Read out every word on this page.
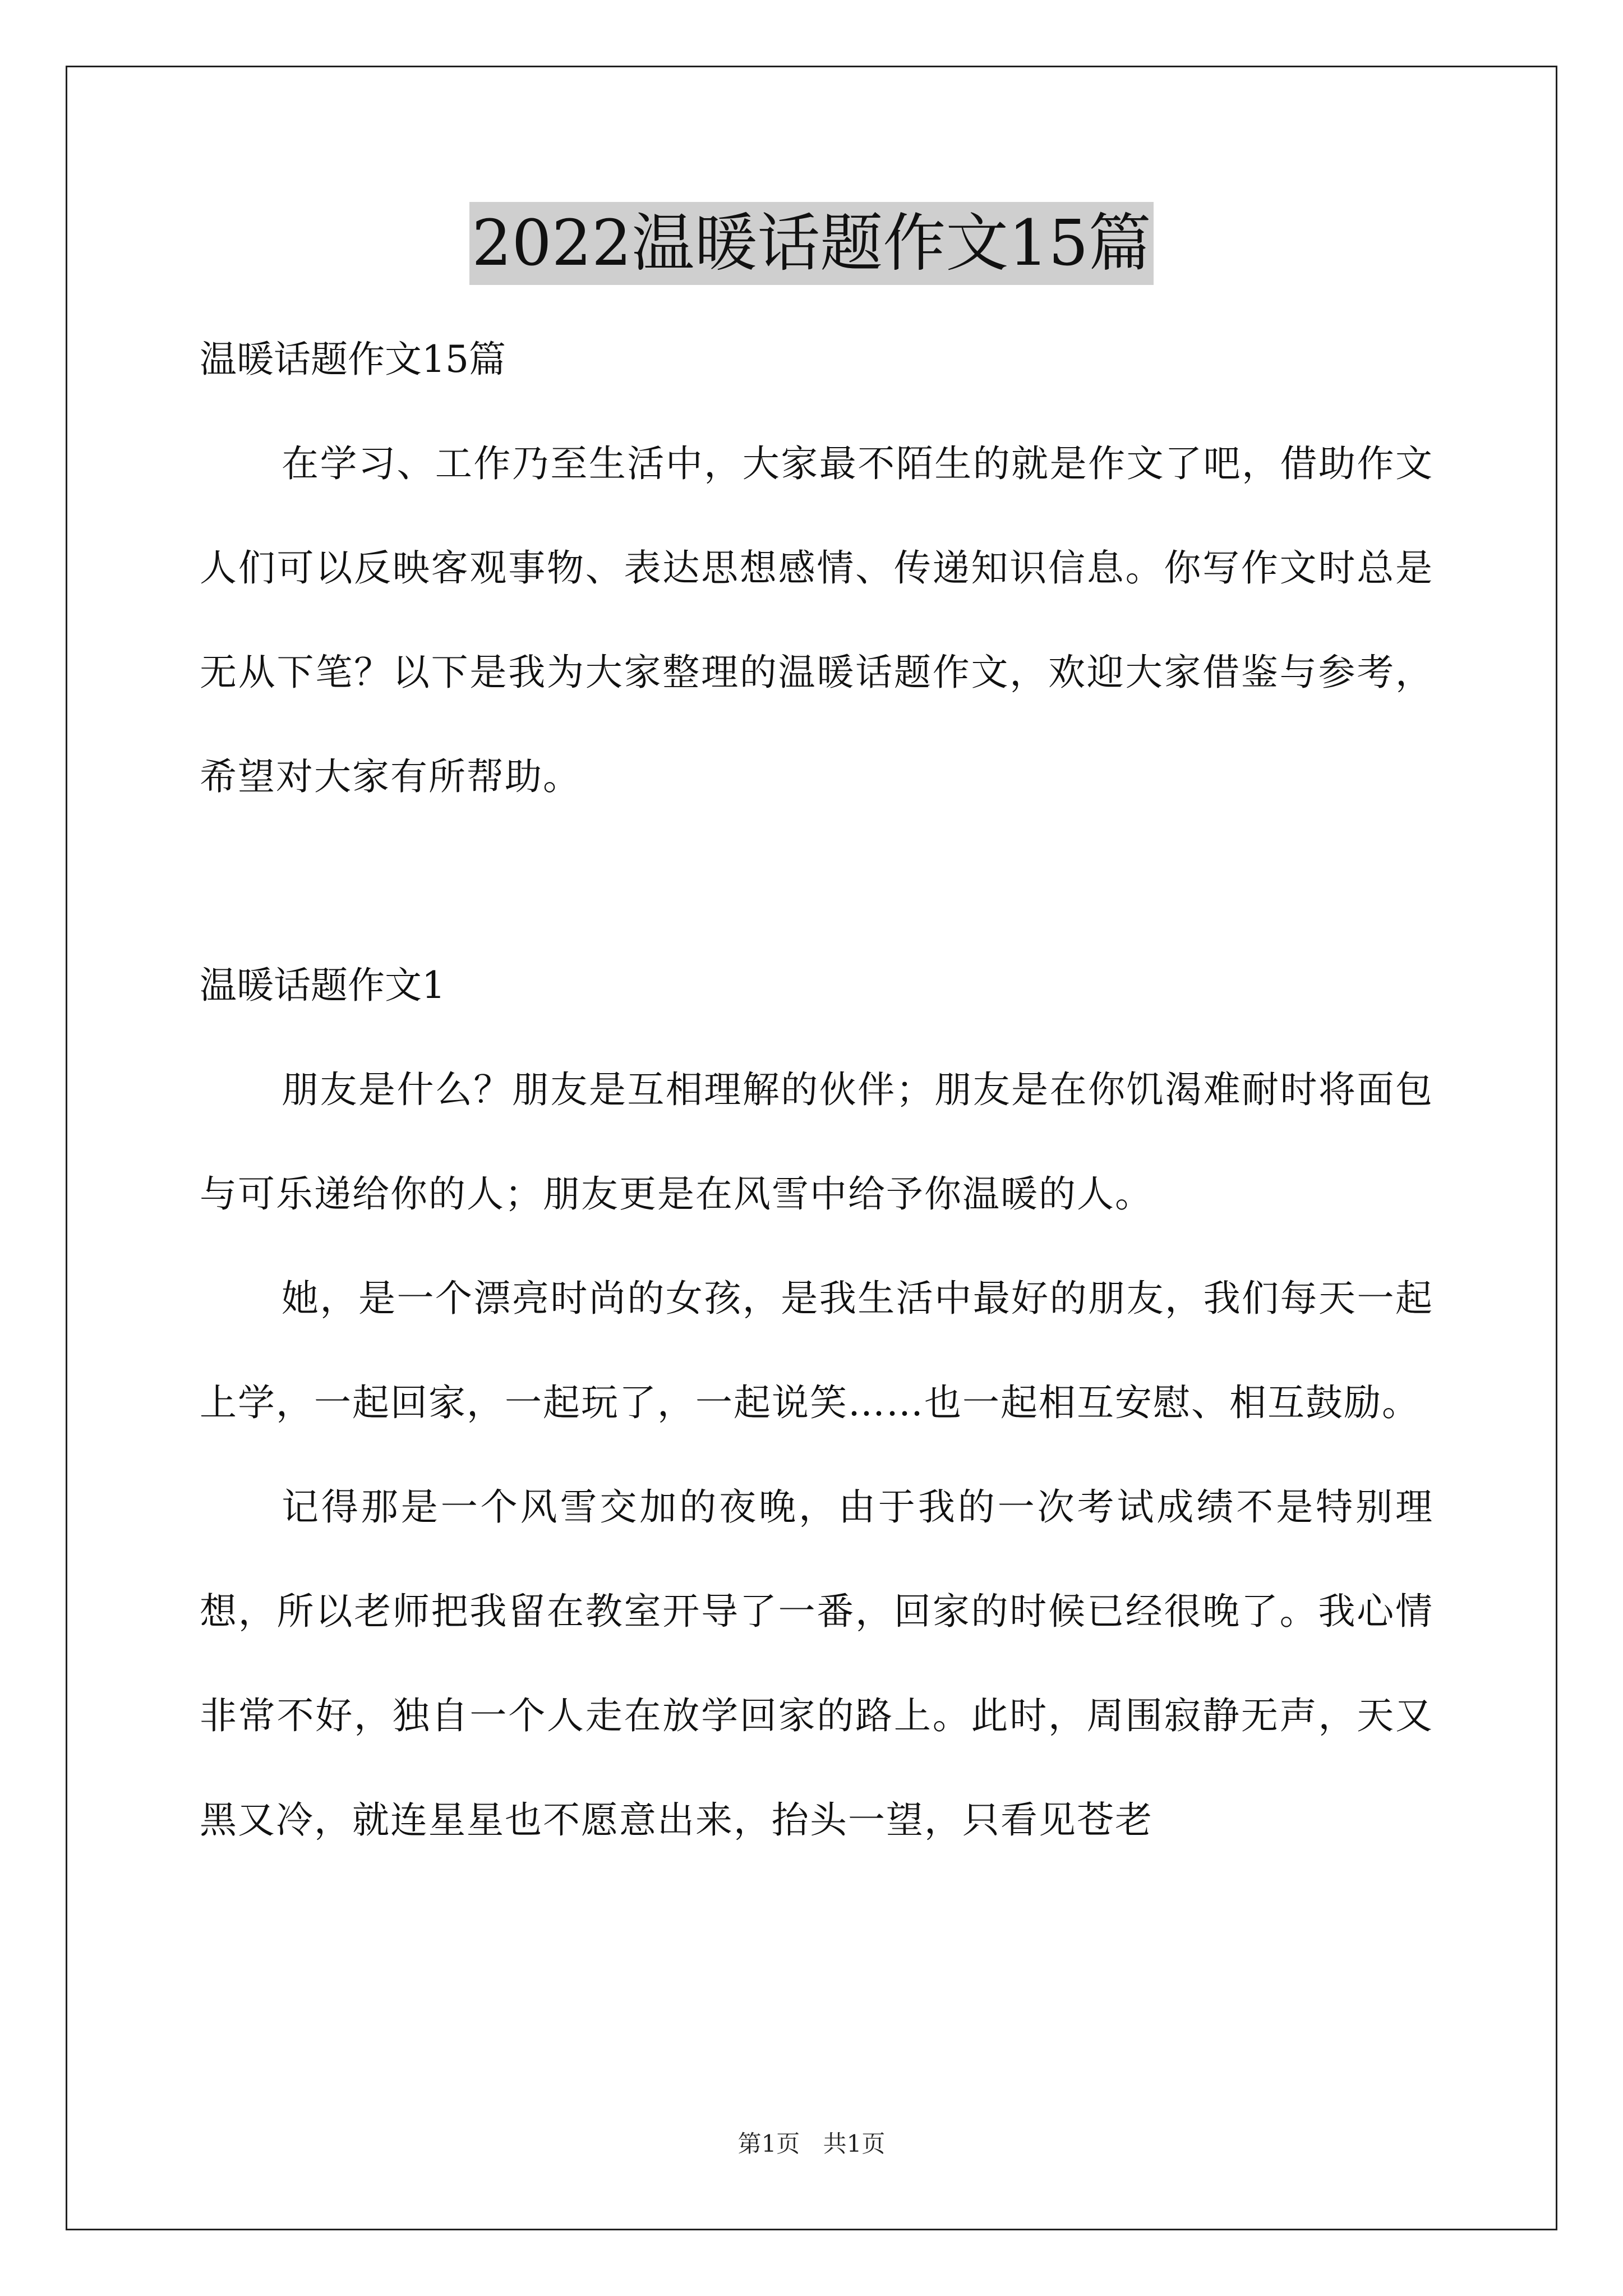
2022温暖话题作文15篇

温暖话题作文15篇

在学习、工作乃至生活中，大家最不陌生的就是作文了吧，借助作文人们可以反映客观事物、表达思想感情、传递知识信息。你写作文时总是无从下笔？以下是我为大家整理的温暖话题作文，欢迎大家借鉴与参考，希望对大家有所帮助。

温暖话题作文1

朋友是什么？朋友是互相理解的伙伴；朋友是在你饥渴难耐时将面包与可乐递给你的人；朋友更是在风雪中给予你温暖的人。

她，是一个漂亮时尚的女孩，是我生活中最好的朋友，我们每天一起上学，一起回家，一起玩了，一起说笑……也一起相互安慰、相互鼓励。

记得那是一个风雪交加的夜晚，由于我的一次考试成绩不是特别理想，所以老师把我留在教室开导了一番，回家的时候已经很晚了。我心情非常不好，独自一个人走在放学回家的路上。此时，周围寂静无声，天又黑又冷，就连星星也不愿意出来，抬头一望，只看见苍老

第1页 共1页
